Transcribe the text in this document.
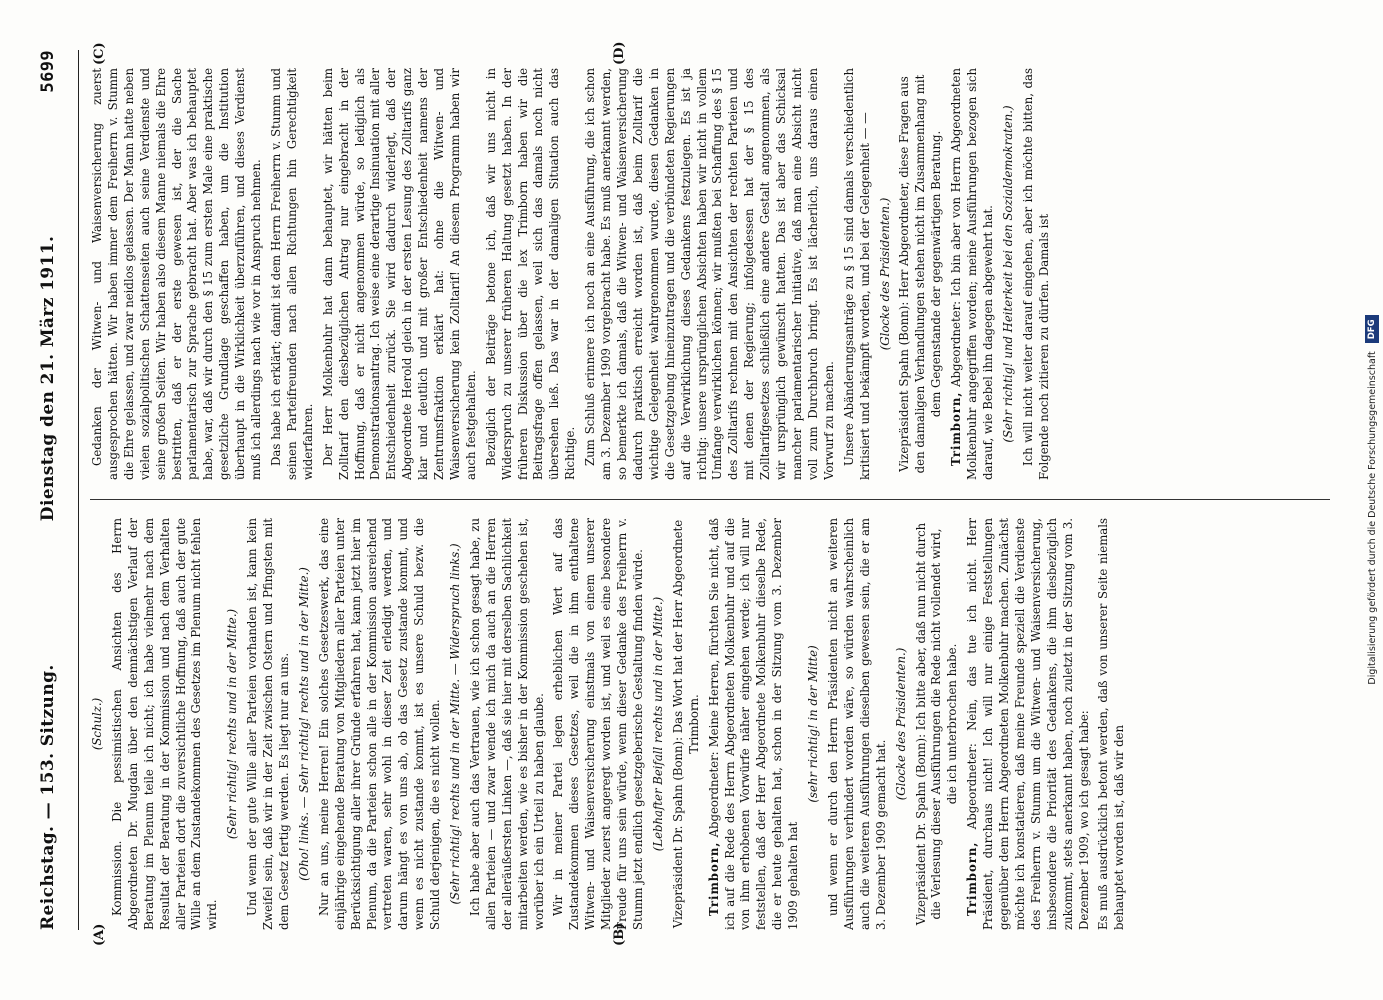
Reichstag. — 153. Sitzung.
Dienstag den 21. März 1911.
5699
(A)	(B)
(C)	(D)

(Schulz.) Kommission. Die pessimistischen Ansichten des Herrn Abgeordneten Dr. Mugdan über den demnächstigen Verlauf der Beratung im Plenum teile ich nicht; ich habe vielmehr nach dem Resultat der Beratung in der Kommission und nach dem Verhalten aller Parteien dort die zuversichtliche Hoffnung, daß auch der gute Wille an dem Zustandekommen des Gesetzes im Plenum nicht fehlen wird.

(Sehr richtig! rechts und in der Mitte.) Und wenn der gute Wille aller Parteien vorhanden ist, kann kein Zweifel sein, daß wir in der Zeit zwischen Ostern und Pfingsten mit dem Gesetz fertig werden. Es liegt nur an uns. (Oho! links. — Sehr richtig! rechts und in der Mitte.) Nur an uns, meine Herren! Ein solches Gesetzeswerk, das eine einjährige eingehende Beratung von Mitgliedern aller Parteien unter Berücksichtigung aller ihrer Gründe erfahren hat, kann jetzt hier im Plenum, da die Parteien schon alle in der Kommission ausreichend vertreten waren, sehr wohl in dieser Zeit erledigt werden, und darum hängt es von uns ab, ob das Gesetz zustande kommt, und wenn es nicht zustande kommt, ist es unsere Schuld bezw. die Schuld derjenigen, die es nicht wollen. (Sehr richtig! rechts und in der Mitte. — Widerspruch links.) Ich habe aber auch das Vertrauen, wie ich schon gesagt habe, zu allen Parteien — und zwar wende ich mich da auch an die Herren der alleräußersten Linken —, daß sie hier mit derselben Sachlichkeit mitarbeiten werden, wie es bisher in der Kommission geschehen ist, worüber ich ein Urteil zu haben glaube. Wir in meiner Partei legen erheblichen Wert auf das Zustandekommen dieses Gesetzes, weil die in ihm enthaltene Witwen- und Waisenversicherung einstmals von einem unserer Mitglieder zuerst angeregt worden ist, und weil es eine besondere Freude für uns sein würde, wenn dieser Gedanke des Freiherrn v. Stumm jetzt endlich gesetzgeberische Gestaltung finden würde. (Lebhafter Beifall rechts und in der Mitte.) Vizepräsident Dr. Spahn (Bonn): Das Wort hat der Herr Abgeordnete Trimborn.

Trimborn, Abgeordneter: Meine Herren, fürchten Sie nicht, daß ich auf die Rede des Herrn Abgeordneten Molkenbuhr und auf die von ihm erhobenen Vorwürfe näher eingehen werde; ich will nur feststellen, daß der Herr Abgeordnete Molkenbuhr dieselbe Rede, die er heute gehalten hat, schon in der Sitzung vom 3. Dezember 1909 gehalten hat

(sehr richtig! in der Mitte) und wenn er durch den Herrn Präsidenten nicht an weiteren Ausführungen verhindert worden wäre, so würden wahrscheinlich auch die weiteren Ausführungen dieselben gewesen sein, die er am 3. Dezember 1909 gemacht hat.

(Glocke des Präsidenten.) Vizepräsident Dr. Spahn (Bonn): Ich bitte aber, daß nun nicht durch die Verlesung dieser Ausführungen die Rede nicht vollendet wird, die ich unterbrochen habe.

Trimborn, Abgeordneter: Nein, das tue ich nicht. Herr Präsident, durchaus nicht! Ich will nur einige Feststellungen gegenüber dem Herrn Abgeordneten Molkenbuhr machen. Zunächst möchte ich konstatieren, daß meine Freunde speziell die Verdienste des Freiherrn v. Stumm um die Witwen- und Waisenversicherung, insbesondere die Priorität des Gedankens, die ihm diesbezüglich zukommt, stets anerkannt haben, noch zuletzt in der Sitzung vom 3. Dezember 1909, wo ich gesagt habe: Es muß ausdrücklich betont werden, daß von unserer Seite niemals behauptet worden ist, daß wir den

Gedanken der Witwen- und Waisenversicherung zuerst ausgesprochen hätten. Wir haben immer dem Freiherrn v. Stumm die Ehre gelassen, und zwar neidlos gelassen. Der Mann hatte neben vielen sozialpolitischen Schattenseiten auch seine Verdienste und seine großen Seiten. Wir haben also diesem Manne niemals die Ehre bestritten, daß er der erste gewesen ist, der die Sache parlamentarisch zur Sprache gebracht hat. Aber was ich behauptet habe, war, daß wir durch den § 15 zum ersten Male eine praktische gesetzliche Grundlage geschaffen haben, um die Institution überhaupt in die Wirklichkeit überzuführen, und dieses Verdienst muß ich allerdings nach wie vor in Anspruch nehmen. Das habe ich erklärt; damit ist dem Herrn Freiherrn v. Stumm und seinen Parteifreunden nach allen Richtungen hin Gerechtigkeit widerfahren. Der Herr Molkenbuhr hat dann behauptet, wir hätten beim Zolltarif den diesbezüglichen Antrag nur eingebracht in der Hoffnung, daß er nicht angenommen würde, so lediglich als Demonstrationsantrag. Ich weise eine derartige Insinuation mit aller Entschiedenheit zurück. Sie wird dadurch widerlegt, daß der Abgeordnete Herold gleich in der ersten Lesung des Zolltarifs ganz klar und deutlich und mit großer Entschiedenheit namens der Zentrumsfraktion erklärt hat: ohne die Witwen- und Waisenversicherung kein Zolltarif! An diesem Programm haben wir auch festgehalten. Bezüglich der Beiträge betone ich, daß wir uns nicht in Widerspruch zu unserer früheren Haltung gesetzt haben. In der früheren Diskussion über die lex Trimborn haben wir die Beitragsfrage offen gelassen, weil sich das damals noch nicht übersehen ließ. Das war in der damaligen Situation auch das Richtige. Zum Schluß erinnere ich noch an eine Ausführung, die ich schon am 3. Dezember 1909 vorgebracht habe. Es muß anerkannt werden, so bemerkte ich damals, daß die Witwen- und Waisenversicherung dadurch praktisch erreicht worden ist, daß beim Zolltarif die wichtige Gelegenheit wahrgenommen wurde, diesen Gedanken in die Gesetzgebung hineinzutragen und die verbündeten Regierungen auf die Verwirklichung dieses Gedankens festzulegen. Es ist ja richtig: unsere ursprünglichen Absichten haben wir nicht in vollem Umfange verwirklichen können; wir mußten bei Schaffung des § 15 des Zolltarifs rechnen mit den Ansichten der rechten Parteien und mit denen der Regierung; infolgedessen hat der § 15 des Zolltarifgesetzes schließlich eine andere Gestalt angenommen, als wir ursprünglich gewünscht hatten. Das ist aber das Schicksal mancher parlamentarischer Initiative, daß man eine Absicht nicht voll zum Durchbruch bringt. Es ist lächerlich, uns daraus einen Vorwurf zu machen. Unsere Abänderungsanträge zu § 15 sind damals verschiedentlich kritisiert und bekämpft worden, und bei der Gelegenheit — — (Glocke des Präsidenten.) Vizepräsident Spahn (Bonn): Herr Abgeordneter, diese Fragen aus den damaligen Verhandlungen stehen nicht im Zusammenhang mit dem Gegenstande der gegenwärtigen Beratung.

Trimborn, Abgeordneter: Ich bin aber von Herrn Abgeordneten Molkenbuhr angegriffen worden; meine Ausführungen bezogen sich darauf, wie Bebel ihn dagegen abgewehrt hat. (Sehr richtig! und Heiterkeit bei den Sozialdemokraten.) Ich will nicht weiter darauf eingehen, aber ich möchte bitten, das Folgende noch zitieren zu dürfen. Damals ist

Digitalisierung gefördert durch die Deutsche Forschungsgemeinschaft
DFG
